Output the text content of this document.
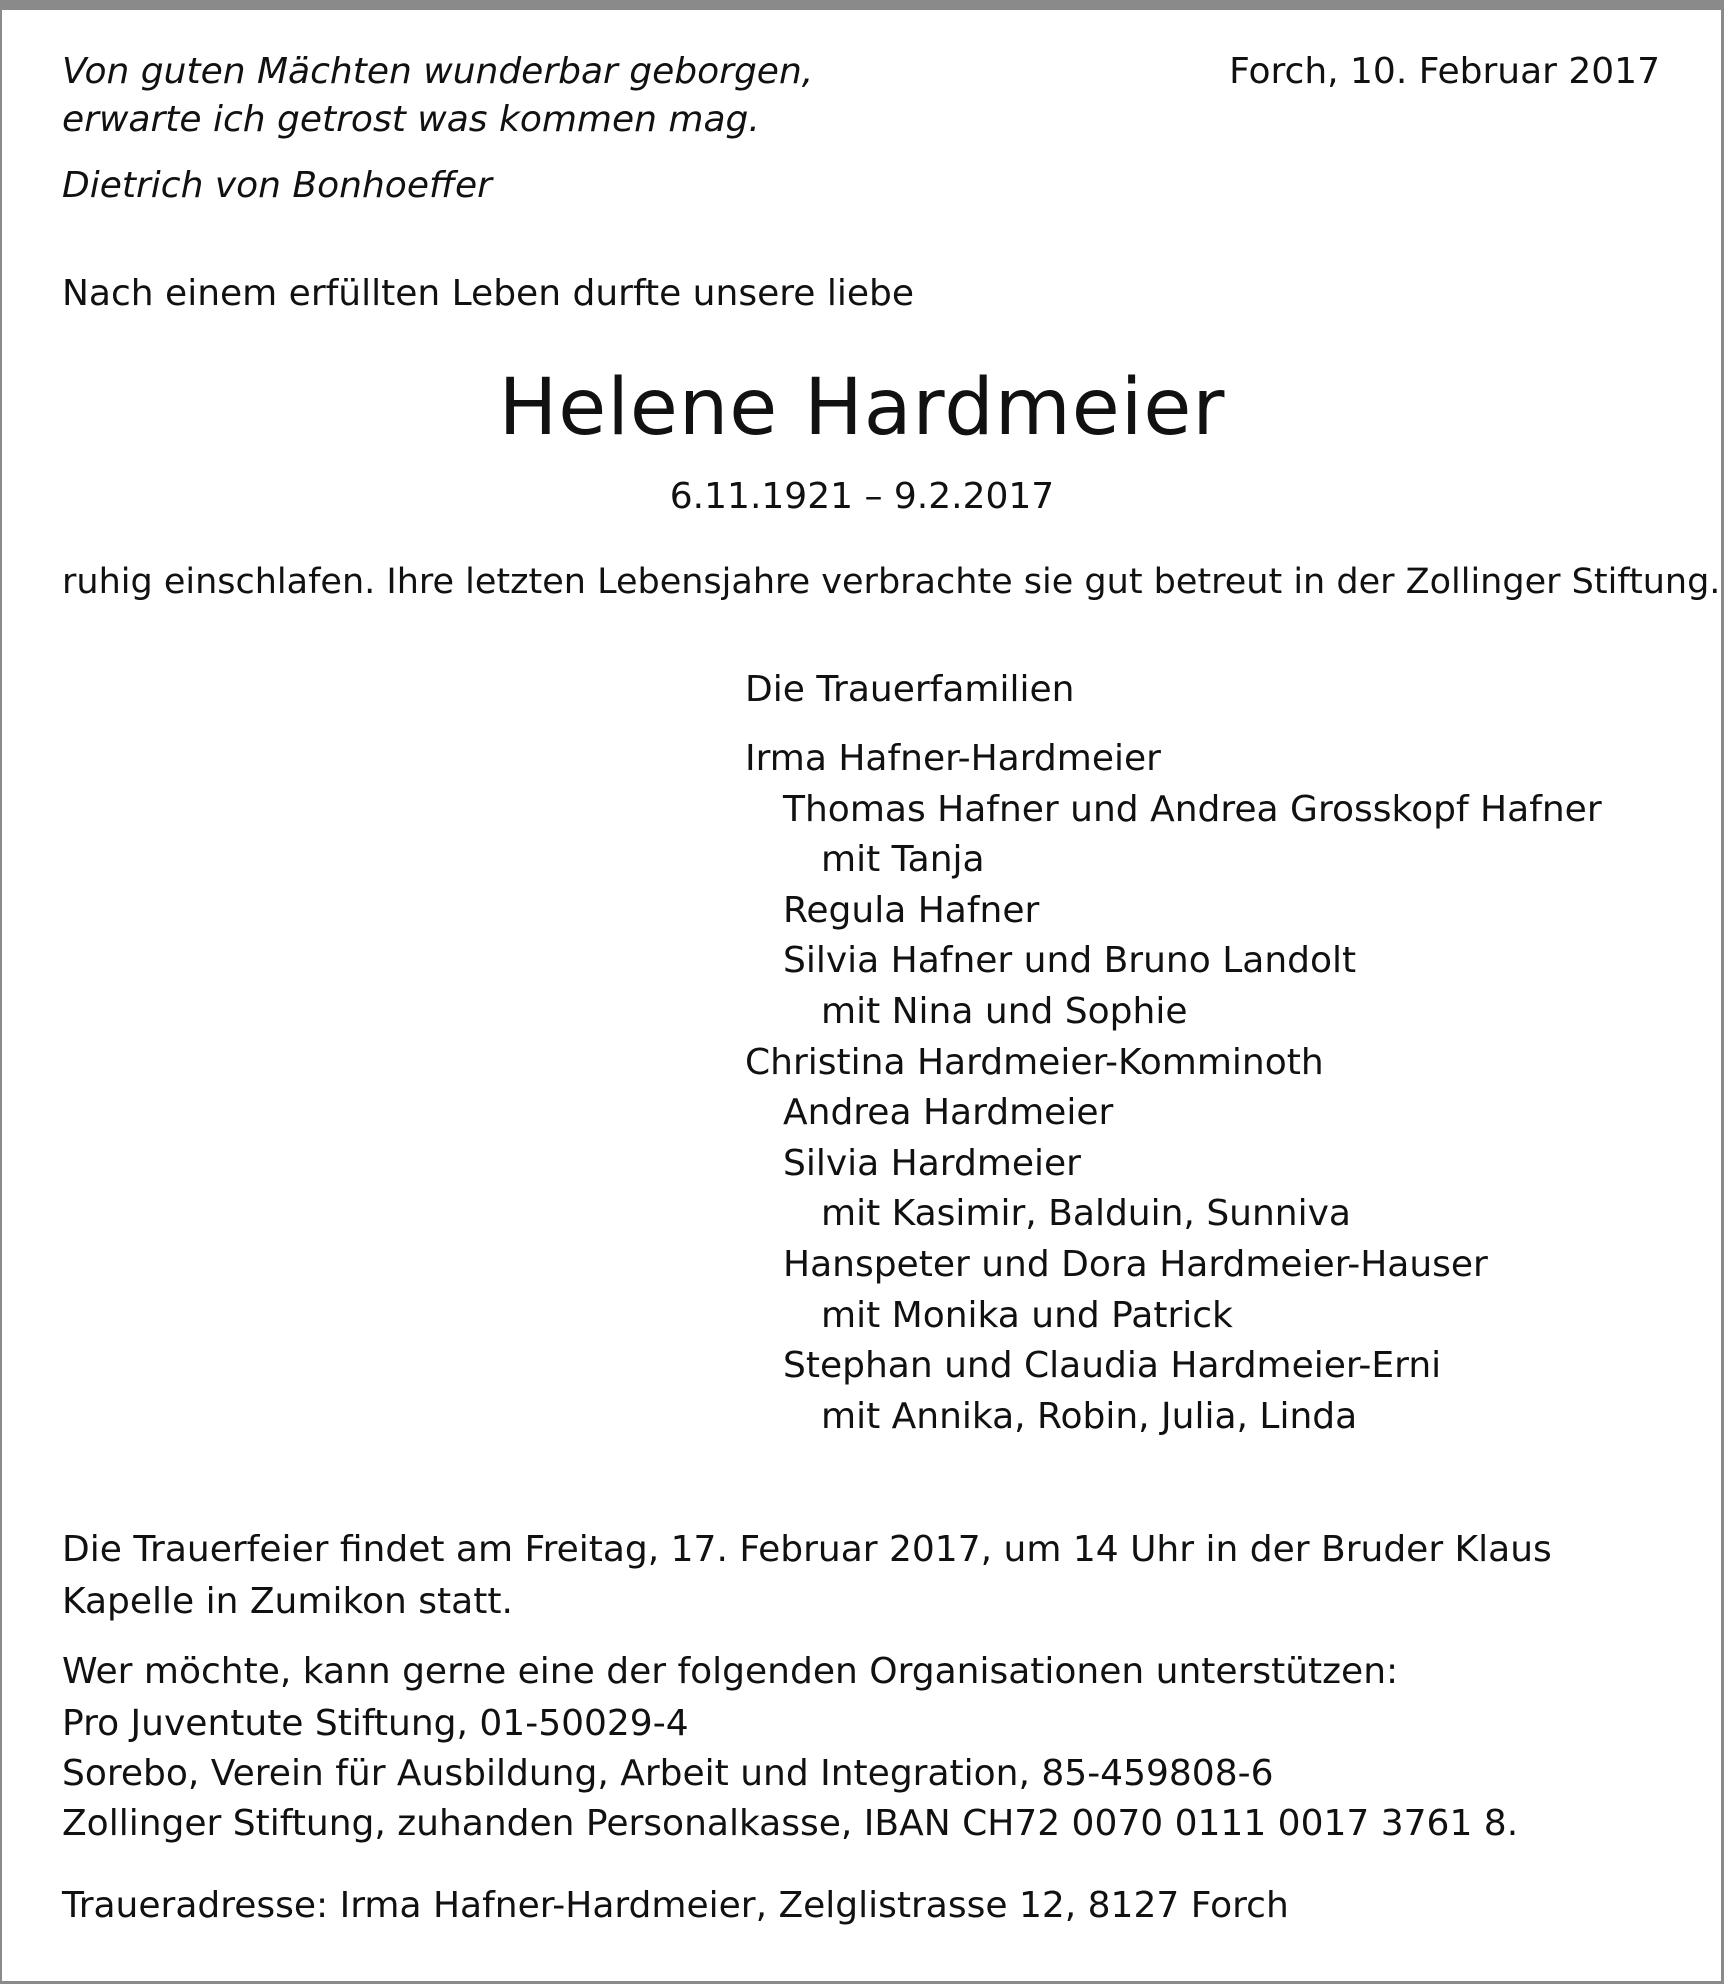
Von guten Mächten wunderbar geborgen,
erwarte ich getrost was kommen mag.
Dietrich von Bonhoeffer
Forch, 10. Februar 2017
Nach einem erfüllten Leben durfte unsere liebe
Helene Hardmeier
6.11.1921 – 9.2.2017
ruhig einschlafen. Ihre letzten Lebensjahre verbrachte sie gut betreut in der Zollinger Stiftung.
Die Trauerfamilien
Irma Hafner-Hardmeier
Thomas Hafner und Andrea Grosskopf Hafner
mit Tanja
Regula Hafner
Silvia Hafner und Bruno Landolt
mit Nina und Sophie
Christina Hardmeier-Komminoth
Andrea Hardmeier
Silvia Hardmeier
mit Kasimir, Balduin, Sunniva
Hanspeter und Dora Hardmeier-Hauser
mit Monika und Patrick
Stephan und Claudia Hardmeier-Erni
mit Annika, Robin, Julia, Linda
Die Trauerfeier findet am Freitag, 17. Februar 2017, um 14 Uhr in der Bruder Klaus
Kapelle in Zumikon statt.
Wer möchte, kann gerne eine der folgenden Organisationen unterstützen:
Pro Juventute Stiftung, 01-50029-4
Sorebo, Verein für Ausbildung, Arbeit und Integration, 85-459808-6
Zollinger Stiftung, zuhanden Personalkasse, IBAN CH72 0070 0111 0017 3761 8.
Traueradresse: Irma Hafner-Hardmeier, Zelglistrasse 12, 8127 Forch
